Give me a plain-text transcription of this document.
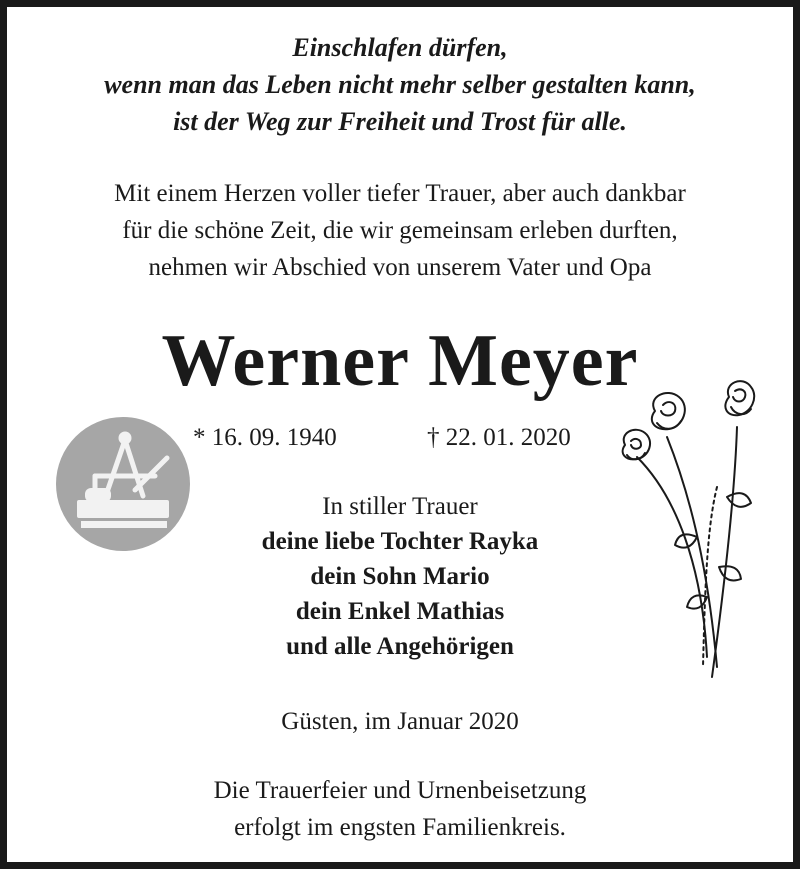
Einschlafen dürfen,
wenn man das Leben nicht mehr selber gestalten kann,
ist der Weg zur Freiheit und Trost für alle.
Mit einem Herzen voller tiefer Trauer, aber auch dankbar
für die schöne Zeit, die wir gemeinsam erleben durften,
nehmen wir Abschied von unserem Vater und Opa
Werner Meyer
* 16. 09. 1940	† 22. 01. 2020
In stiller Trauer
deine liebe Tochter Rayka
dein Sohn Mario
dein Enkel Mathias
und alle Angehörigen
Güsten, im Januar 2020
Die Trauerfeier und Urnenbeisetzung
erfolgt im engsten Familienkreis.
